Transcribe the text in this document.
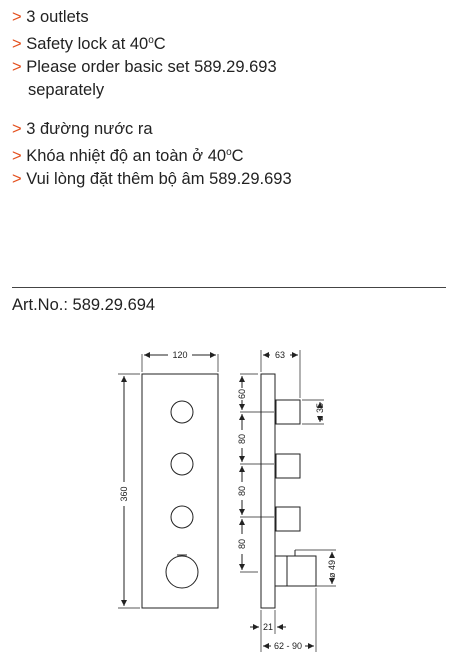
> 3 outlets
> Safety lock at $40^oC$
> Please order basic set 589.29.693
separately
> 3 đường nước ra
> Khóa nhiệt độ an toàn ở $40^oC$
> Vui lòng đặt thêm bộ âm 589.29.693
Art.No.: 589.29.694
120
360
63
60
80
80
80
ø 35
ø 49
21
62 - 90
